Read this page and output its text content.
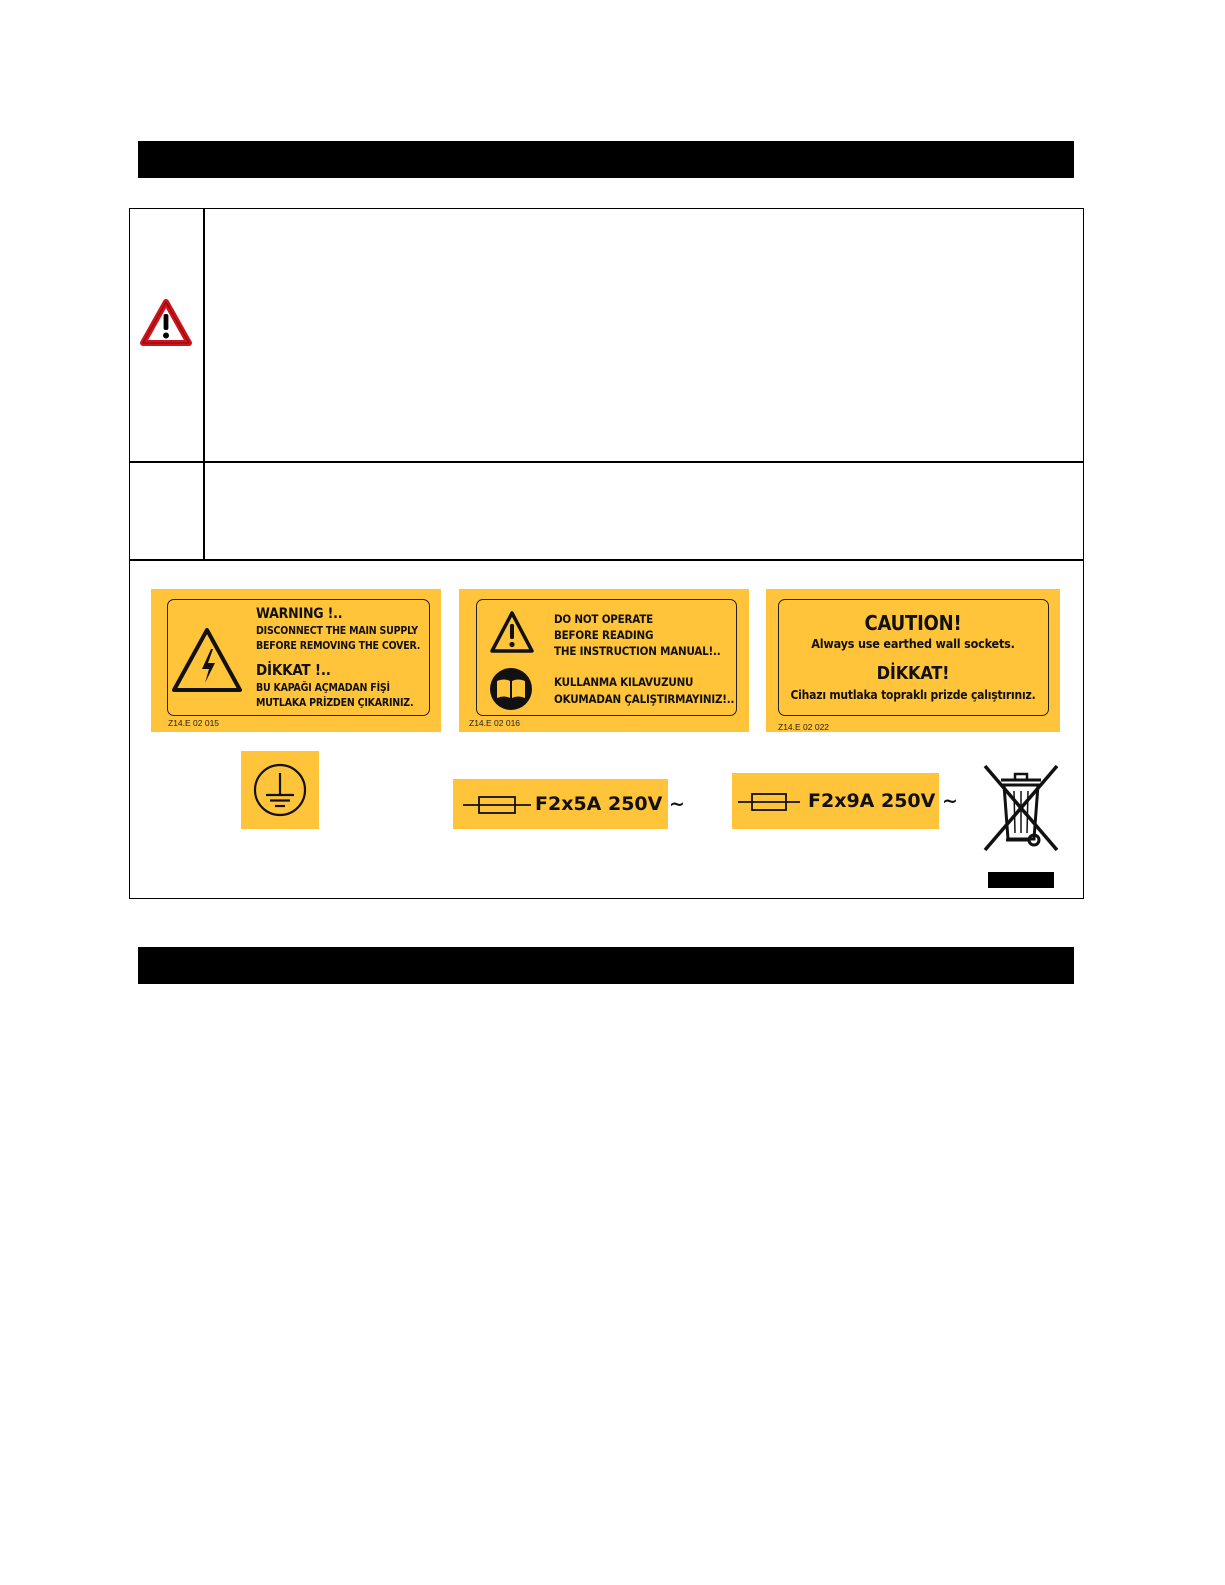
WARNING !..
DISCONNECT THE MAIN SUPPLY
BEFORE REMOVING THE COVER.
DİKKAT !..
BU KAPAĞI AÇMADAN FİŞİ
MUTLAKA PRİZDEN ÇIKARINIZ.
Z14.E 02 015
DO NOT OPERATE
BEFORE READING
THE INSTRUCTION MANUAL!..
KULLANMA KILAVUZUNU
OKUMADAN ÇALIŞTIRMAYINIZ!..
Z14.E 02 016
CAUTION!
Always use earthed wall sockets.
DİKKAT!
Cihazı mutlaka topraklı prizde çalıştırınız.
Z14.E 02 022
F2x5A 250V ~	F2x9A 250V ~
